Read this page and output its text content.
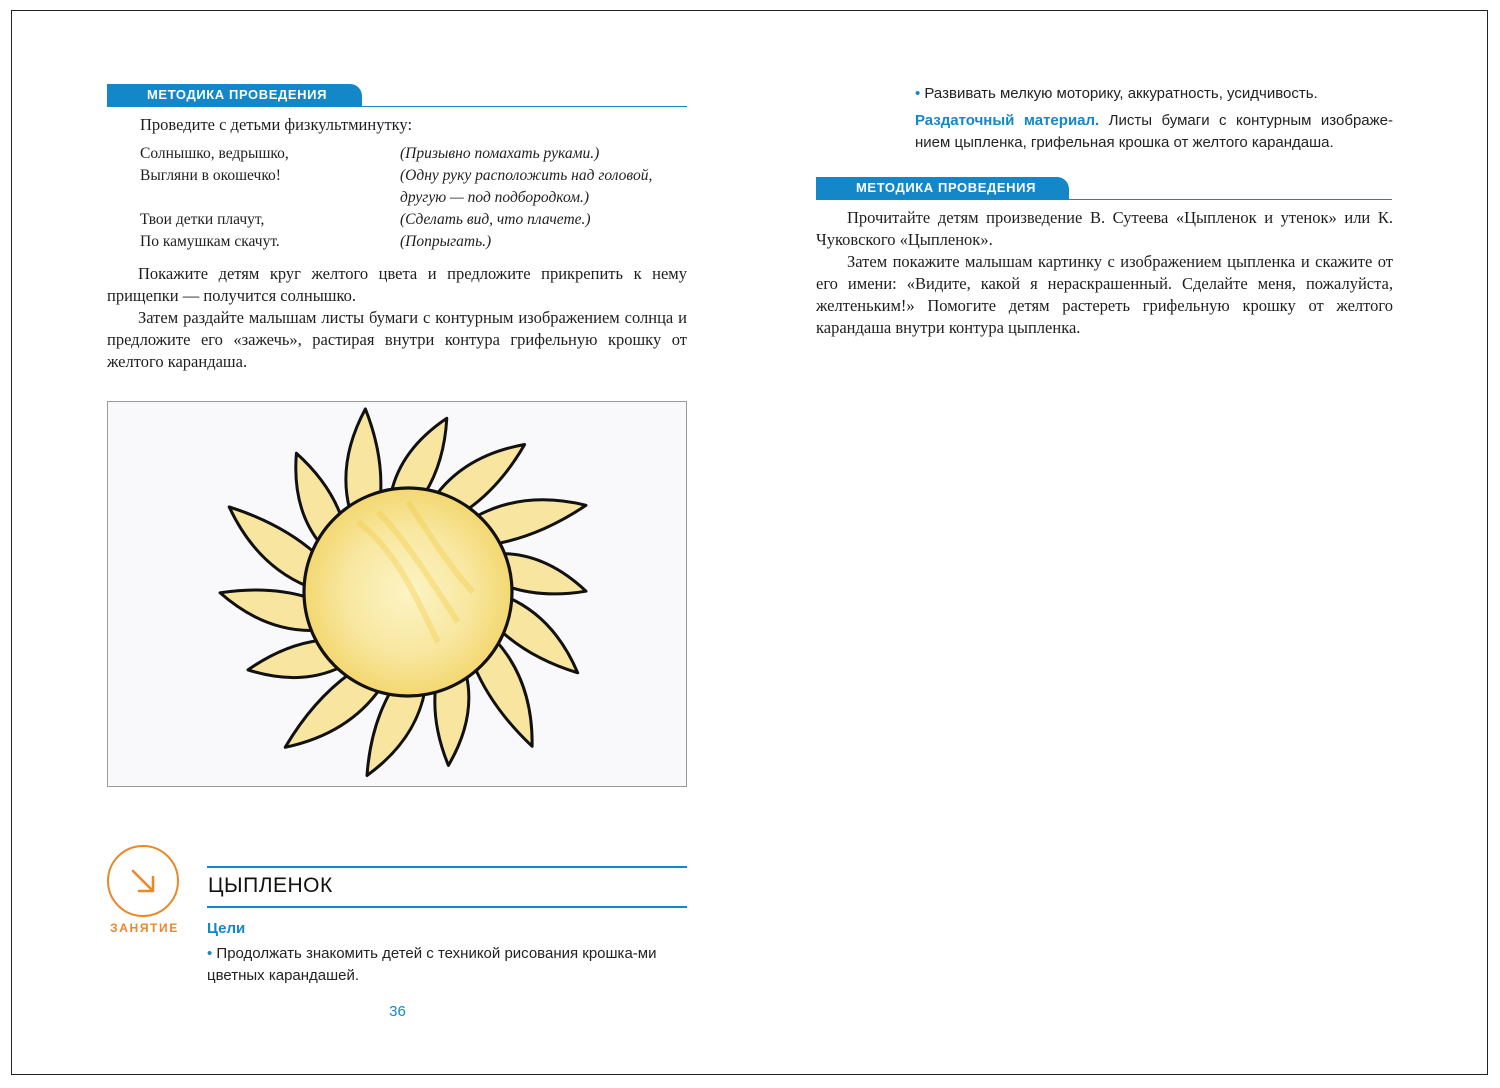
МЕТОДИКА ПРОВЕДЕНИЯ

Проведите с детьми физкультминутку:

Солнышко, ведрышко,	(Призывно помахать руками.)
Выгляни в окошечко!	(Одну руку расположить над головой,
другую — под подбородком.)
Твои детки плачут,	(Сделать вид, что плачете.)
По камушкам скачут.	(Попрыгать.)

Покажите детям круг желтого цвета и предложите прикрепить к нему прищепки — получится солнышко.

Затем раздайте малышам листы бумаги с контурным изображением солнца и предложите его «зажечь», растирая внутри контура грифельную крошку от желтого карандаша.

ЗАНЯТИЕ
ЦЫПЛЕНОК
Цели

• Продолжать знакомить детей с техникой рисования крошка-ми цветных карандашей.

36

• Развивать мелкую моторику, аккуратность, усидчивость.

Раздаточный материал. Листы бумаги с контурным изображе-нием цыпленка, грифельная крошка от желтого карандаша.

МЕТОДИКА ПРОВЕДЕНИЯ

Прочитайте детям произведение В. Сутеева «Цыпленок и утенок» или К. Чуковского «Цыпленок».

Затем покажите малышам картинку с изображением цыпленка и скажите от его имени: «Видите, какой я нераскрашенный. Сделайте меня, пожалуйста, желтеньким!» Помогите детям растереть грифельную крошку от желтого карандаша внутри контура цыпленка.
